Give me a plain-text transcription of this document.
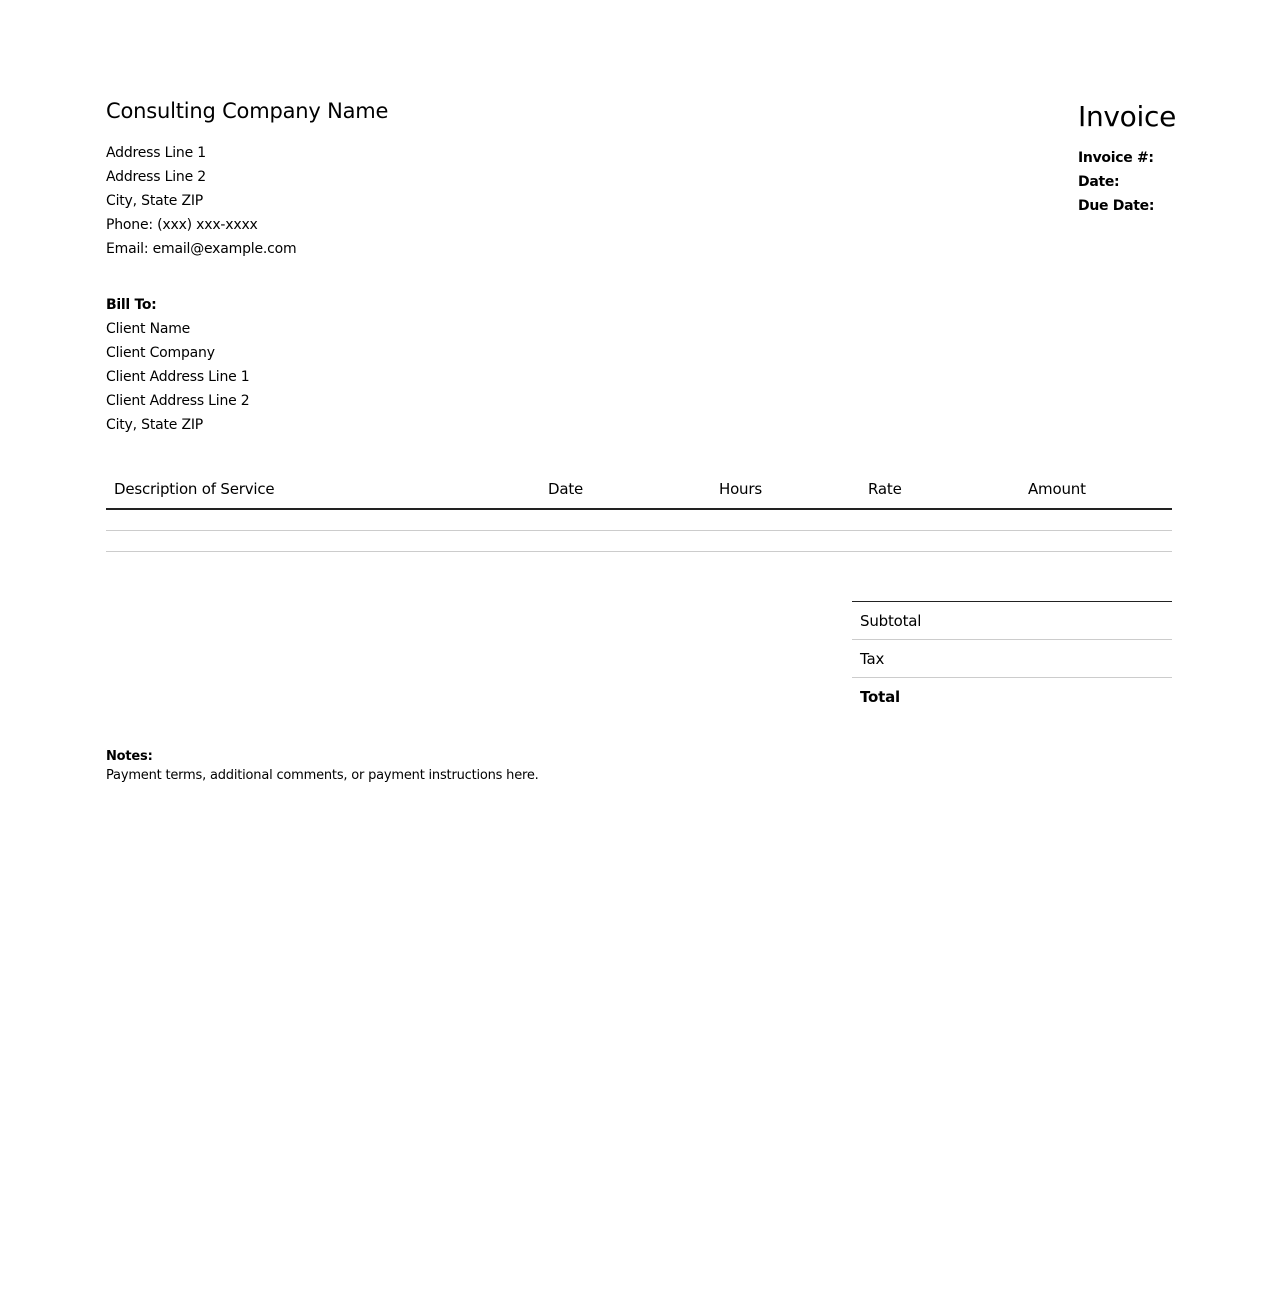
Consulting Company Name
Address Line 1
Address Line 2
City, State ZIP
Phone: (xxx) xxx-xxxx
Email: email@example.com
Invoice
Invoice #:
Date:
Due Date:
Bill To:
Client Name
Client Company
Client Address Line 1
Client Address Line 2
City, State ZIP
Description of Service	Date	Hours	Rate	Amount

Subtotal
Tax
Total
Notes:
Payment terms, additional comments, or payment instructions here.
